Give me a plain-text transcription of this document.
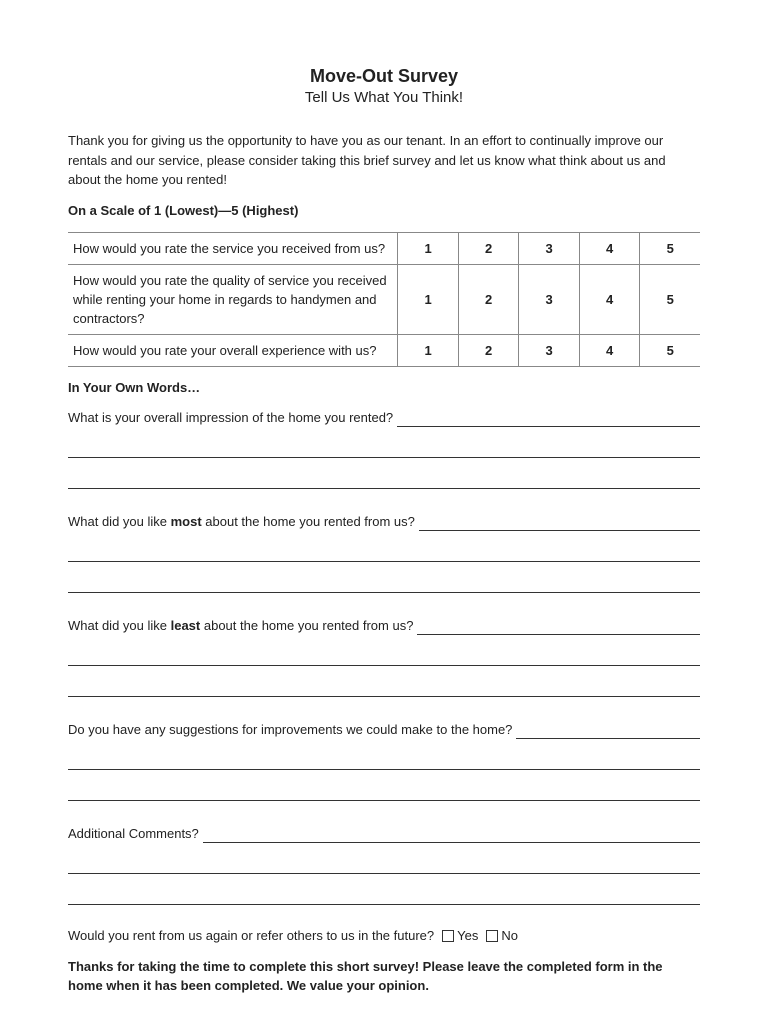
Move-Out Survey

Tell Us What You Think!

Thank you for giving us the opportunity to have you as our tenant. In an effort to continually improve our rentals and our service, please consider taking this brief survey and let us know what think about us and about the home you rented!

On a Scale of 1 (Lowest)—5 (Highest)

How would you rate the service you received from us?	1	2	3	4	5
How would you rate the quality of service you received while renting your home in regards to handymen and contractors?	1	2	3	4	5
How would you rate your overall experience with us?	1	2	3	4	5

In Your Own Words…

What is your overall impression of the home you rented?
What did you like most about the home you rented from us?
What did you like least about the home you rented from us?
Do you have any suggestions for improvements we could make to the home?
Additional Comments?
Would you rent from us again or refer others to us in the future? Yes No

Thanks for taking the time to complete this short survey! Please leave the completed form in the home when it has been completed. We value your opinion.
